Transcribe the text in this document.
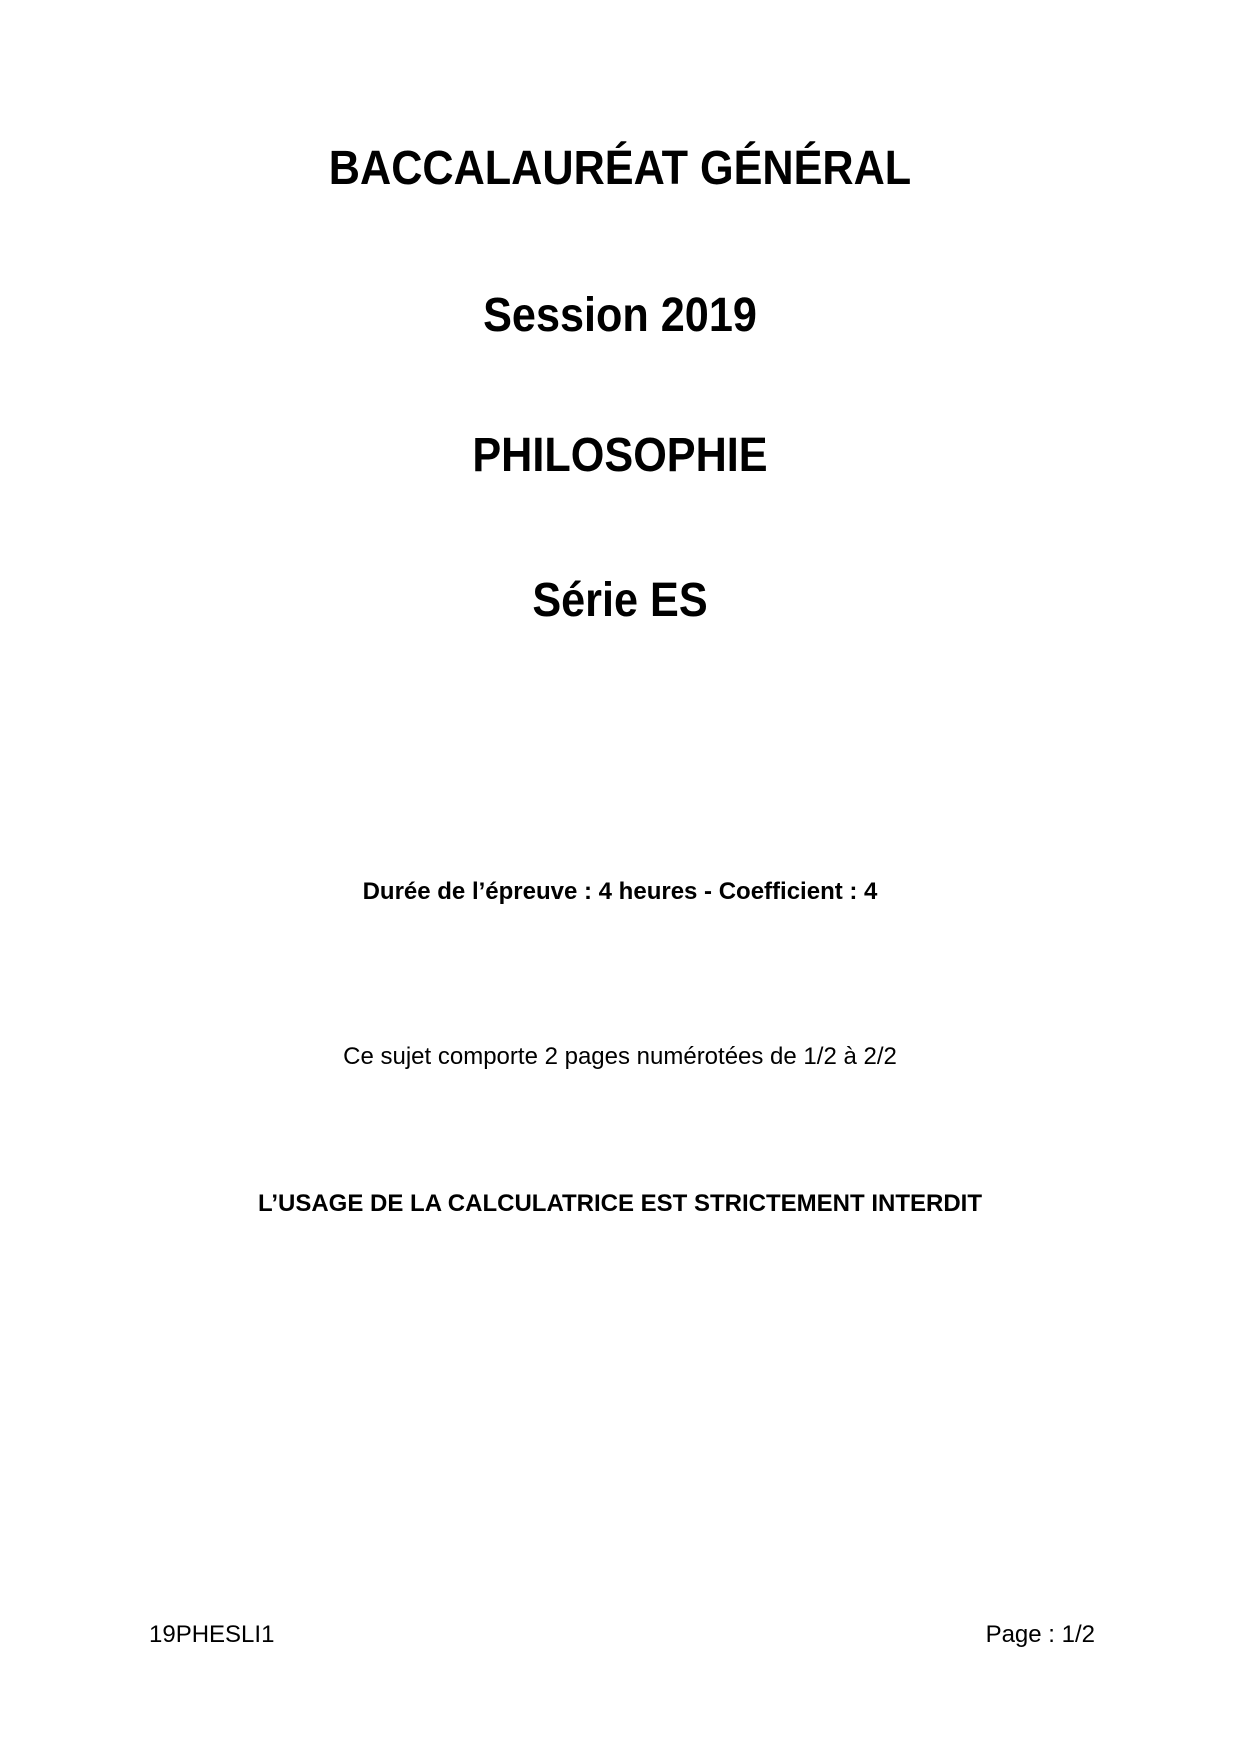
BACCALAURÉAT GÉNÉRAL
Session 2019
PHILOSOPHIE
Série ES
Durée de l’épreuve : 4 heures - Coefficient : 4
Ce sujet comporte 2 pages numérotées de 1/2 à 2/2
L’USAGE DE LA CALCULATRICE EST STRICTEMENT INTERDIT
19PHESLI1	Page : 1/2
